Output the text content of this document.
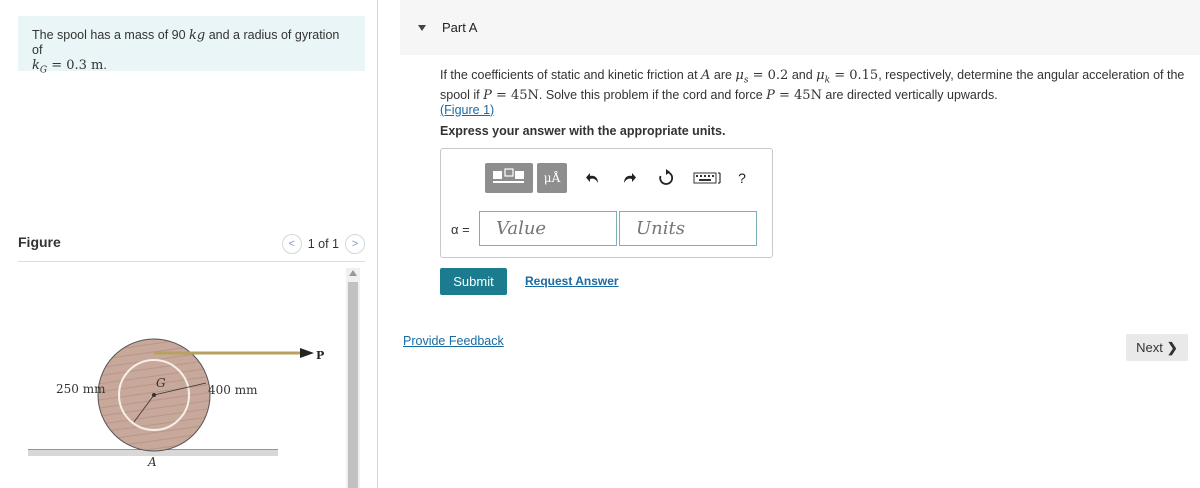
The spool has a mass of 90 kg and a radius of gyration of
$k_G = 0.3$ m.
Figure	<	1 of 1	>
250 mm	400 mm
G
A
P
Part A
If the coefficients of static and kinetic friction at A are $\mu_s = 0.2$ and $\mu_k = 0.15$, respectively, determine the angular acceleration of the spool if P = 45N. Solve this problem if the cord and force P = 45N are directed vertically upwards.
(Figure 1)
Express your answer with the appropriate units.
μÅ	?
α =
Value
Units
Submit	Request Answer
Provide Feedback	Next ❯
